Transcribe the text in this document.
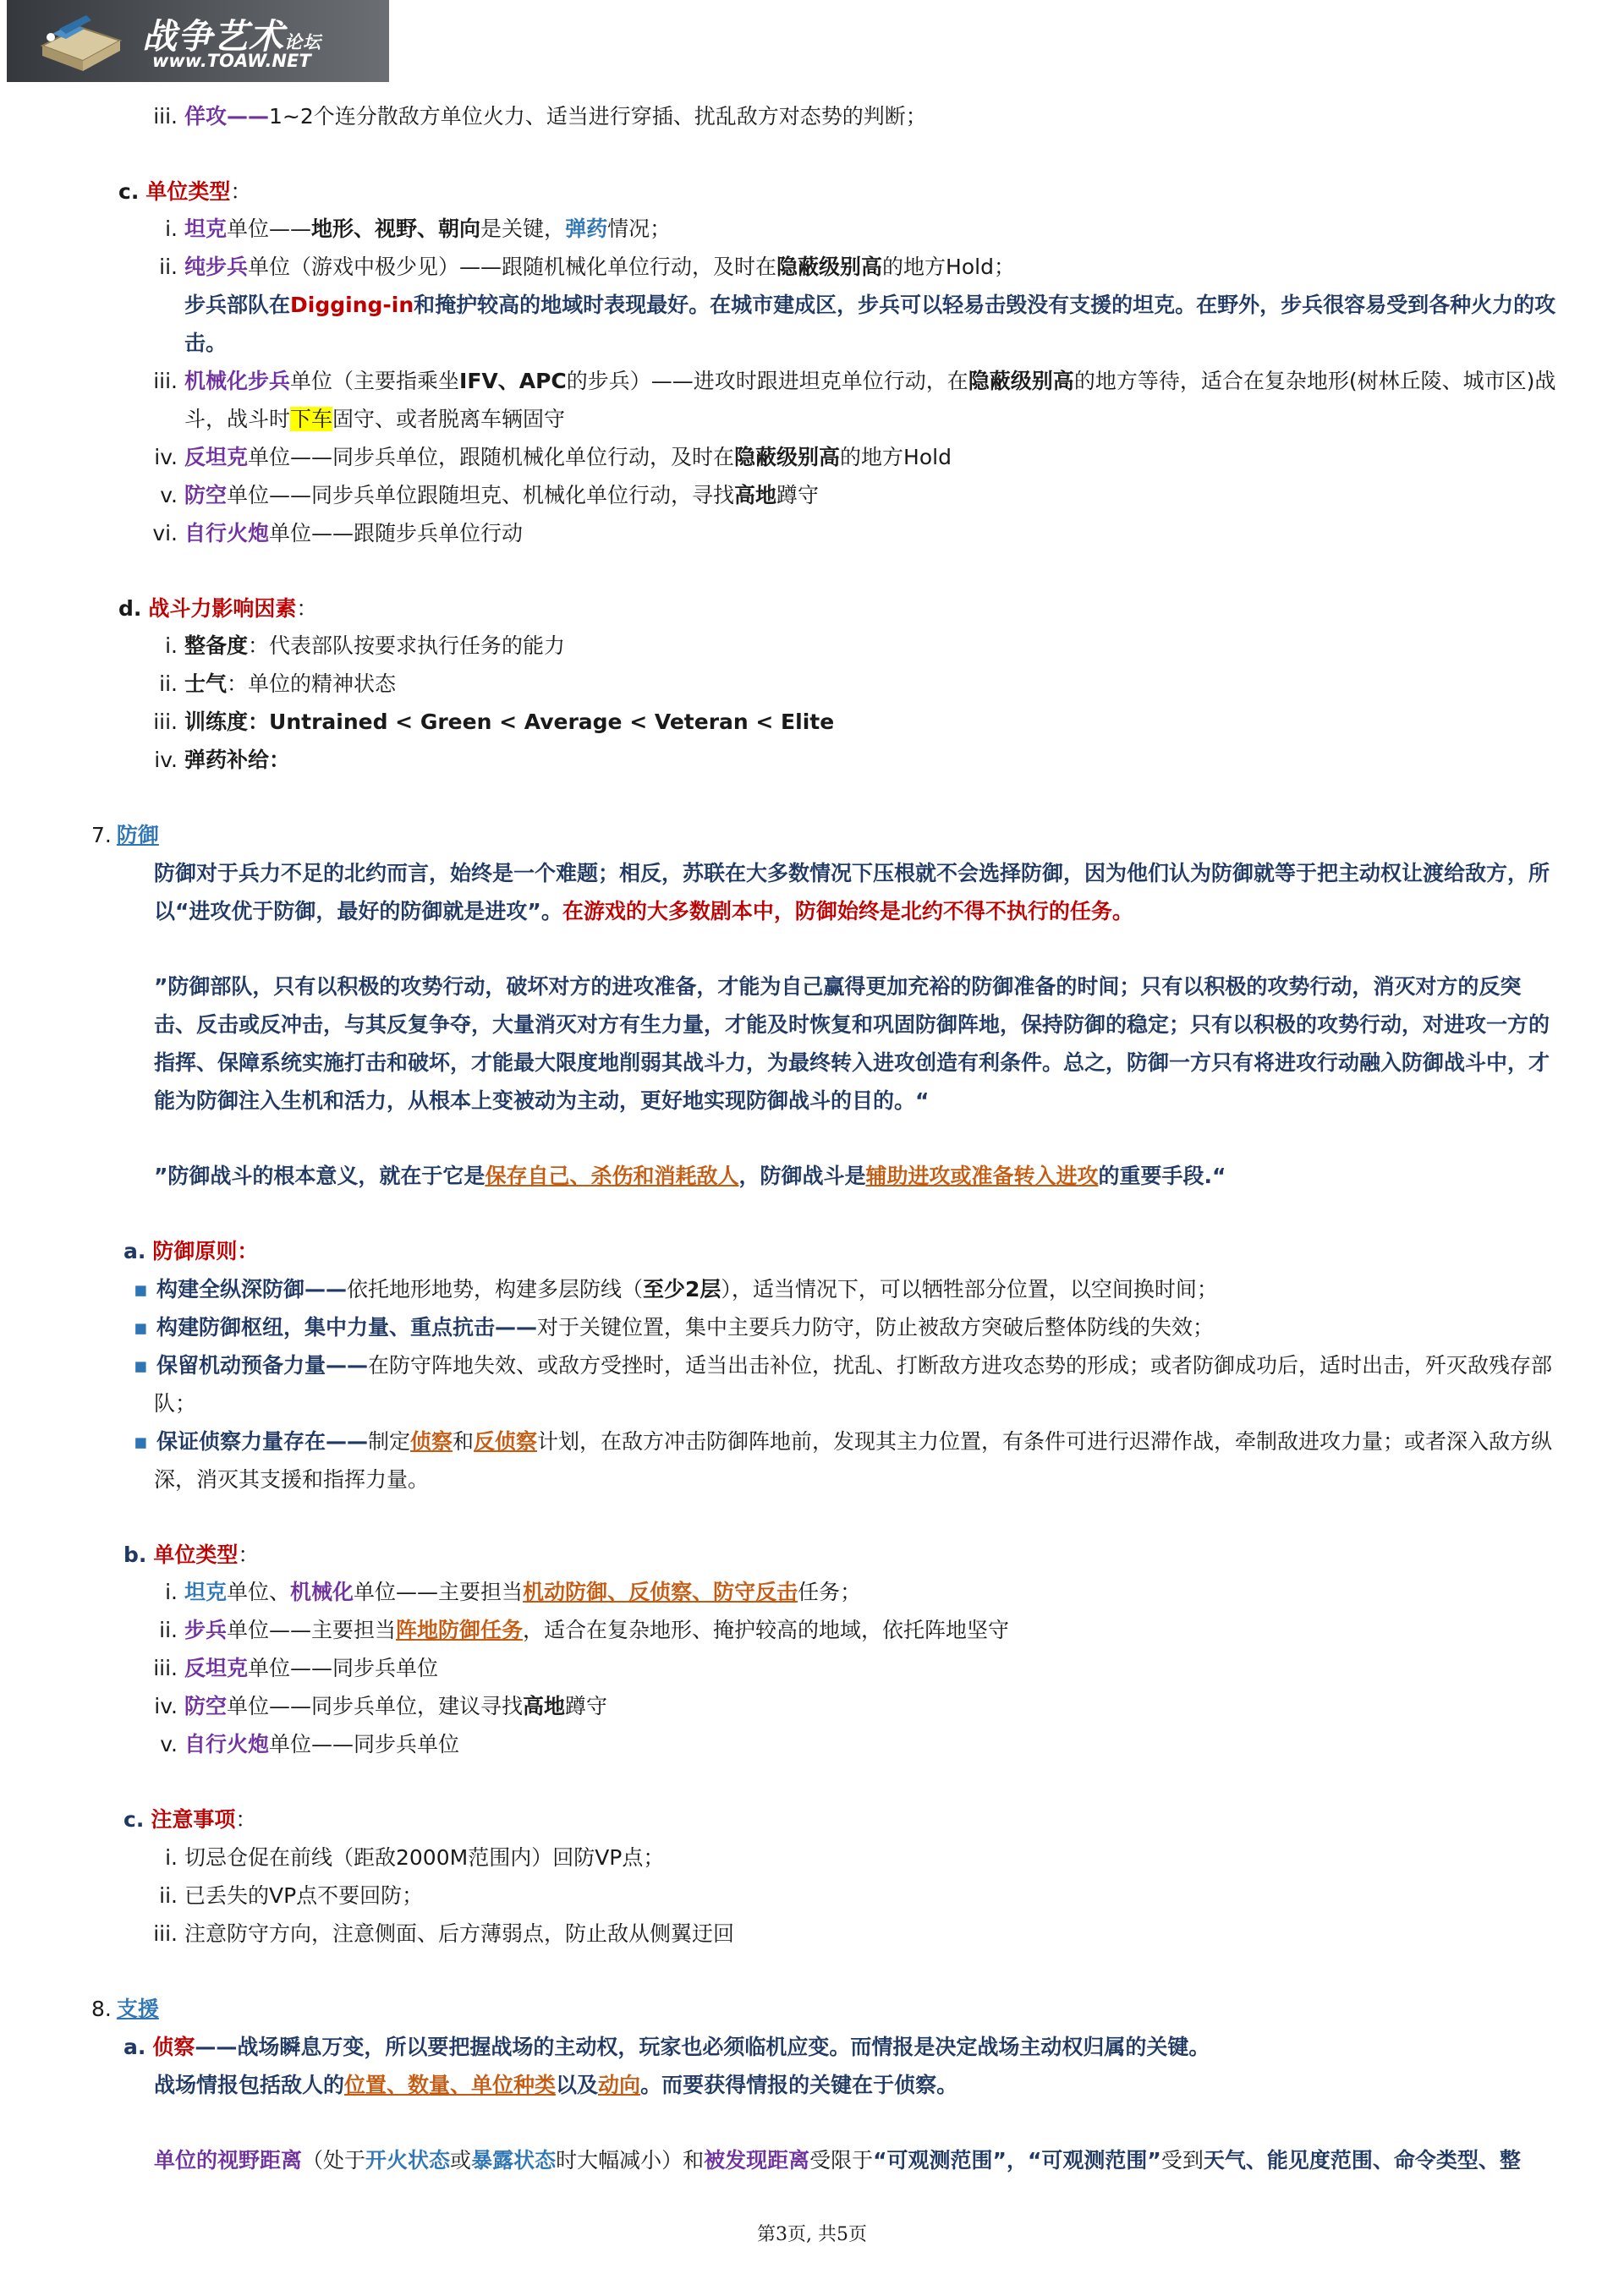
战争艺术论坛
www.TOAW.NET
iii. 佯攻——1~2个连分散敌方单位火力、适当进行穿插、扰乱敌方对态势的判断；
c. 单位类型：
i. 坦克单位——地形、视野、朝向是关键，弹药情况；
ii. 纯步兵单位（游戏中极少见）——跟随机械化单位行动，及时在隐蔽级别高的地方Hold；
步兵部队在Digging-in和掩护较高的地域时表现最好。在城市建成区，步兵可以轻易击毁没有支援的坦克。在野外，步兵很容易受到各种火力的攻
击。
iii. 机械化步兵单位（主要指乘坐IFV、APC的步兵）——进攻时跟进坦克单位行动，在隐蔽级别高的地方等待，适合在复杂地形(树林丘陵、城市区)战
斗，战斗时下车固守、或者脱离车辆固守
iv. 反坦克单位——同步兵单位，跟随机械化单位行动，及时在隐蔽级别高的地方Hold
v. 防空单位——同步兵单位跟随坦克、机械化单位行动，寻找高地蹲守
vi. 自行火炮单位——跟随步兵单位行动
d. 战斗力影响因素：
i. 整备度：代表部队按要求执行任务的能力
ii. 士气：单位的精神状态
iii. 训练度：Untrained < Green < Average < Veteran < Elite
iv. 弹药补给：
7. 防御
防御对于兵力不足的北约而言，始终是一个难题；相反，苏联在大多数情况下压根就不会选择防御，因为他们认为防御就等于把主动权让渡给敌方，所
以“进攻优于防御，最好的防御就是进攻”。在游戏的大多数剧本中，防御始终是北约不得不执行的任务。
”防御部队，只有以积极的攻势行动，破坏对方的进攻准备，才能为自己赢得更加充裕的防御准备的时间；只有以积极的攻势行动，消灭对方的反突
击、反击或反冲击，与其反复争夺，大量消灭对方有生力量，才能及时恢复和巩固防御阵地，保持防御的稳定；只有以积极的攻势行动，对进攻一方的
指挥、保障系统实施打击和破坏，才能最大限度地削弱其战斗力，为最终转入进攻创造有利条件。总之，防御一方只有将进攻行动融入防御战斗中，才
能为防御注入生机和活力，从根本上变被动为主动，更好地实现防御战斗的目的。“
”防御战斗的根本意义，就在于它是保存自己、杀伤和消耗敌人，防御战斗是辅助进攻或准备转入进攻的重要手段.“
a. 防御原则：
▪ 构建全纵深防御——依托地形地势，构建多层防线（至少2层），适当情况下，可以牺牲部分位置，以空间换时间；
▪ 构建防御枢纽，集中力量、重点抗击——对于关键位置，集中主要兵力防守，防止被敌方突破后整体防线的失效；
▪ 保留机动预备力量——在防守阵地失效、或敌方受挫时，适当出击补位，扰乱、打断敌方进攻态势的形成；或者防御成功后，适时出击，歼灭敌残存部
队；
▪ 保证侦察力量存在——制定侦察和反侦察计划，在敌方冲击防御阵地前，发现其主力位置，有条件可进行迟滞作战，牵制敌进攻力量；或者深入敌方纵
深，消灭其支援和指挥力量。
b. 单位类型：
i. 坦克单位、机械化单位——主要担当机动防御、反侦察、防守反击任务；
ii. 步兵单位——主要担当阵地防御任务，适合在复杂地形、掩护较高的地域，依托阵地坚守
iii. 反坦克单位——同步兵单位
iv. 防空单位——同步兵单位，建议寻找高地蹲守
v. 自行火炮单位——同步兵单位
c. 注意事项：
i. 切忌仓促在前线（距敌2000M范围内）回防VP点；
ii. 已丢失的VP点不要回防；
iii. 注意防守方向，注意侧面、后方薄弱点，防止敌从侧翼迂回
8. 支援
a. 侦察——战场瞬息万变，所以要把握战场的主动权，玩家也必须临机应变。而情报是决定战场主动权归属的关键。
战场情报包括敌人的位置、数量、单位种类以及动向。而要获得情报的关键在于侦察。
单位的视野距离（处于开火状态或暴露状态时大幅减小）和被发现距离受限于“可观测范围”，“可观测范围”受到天气、能见度范围、命令类型、整
第3页, 共5页
